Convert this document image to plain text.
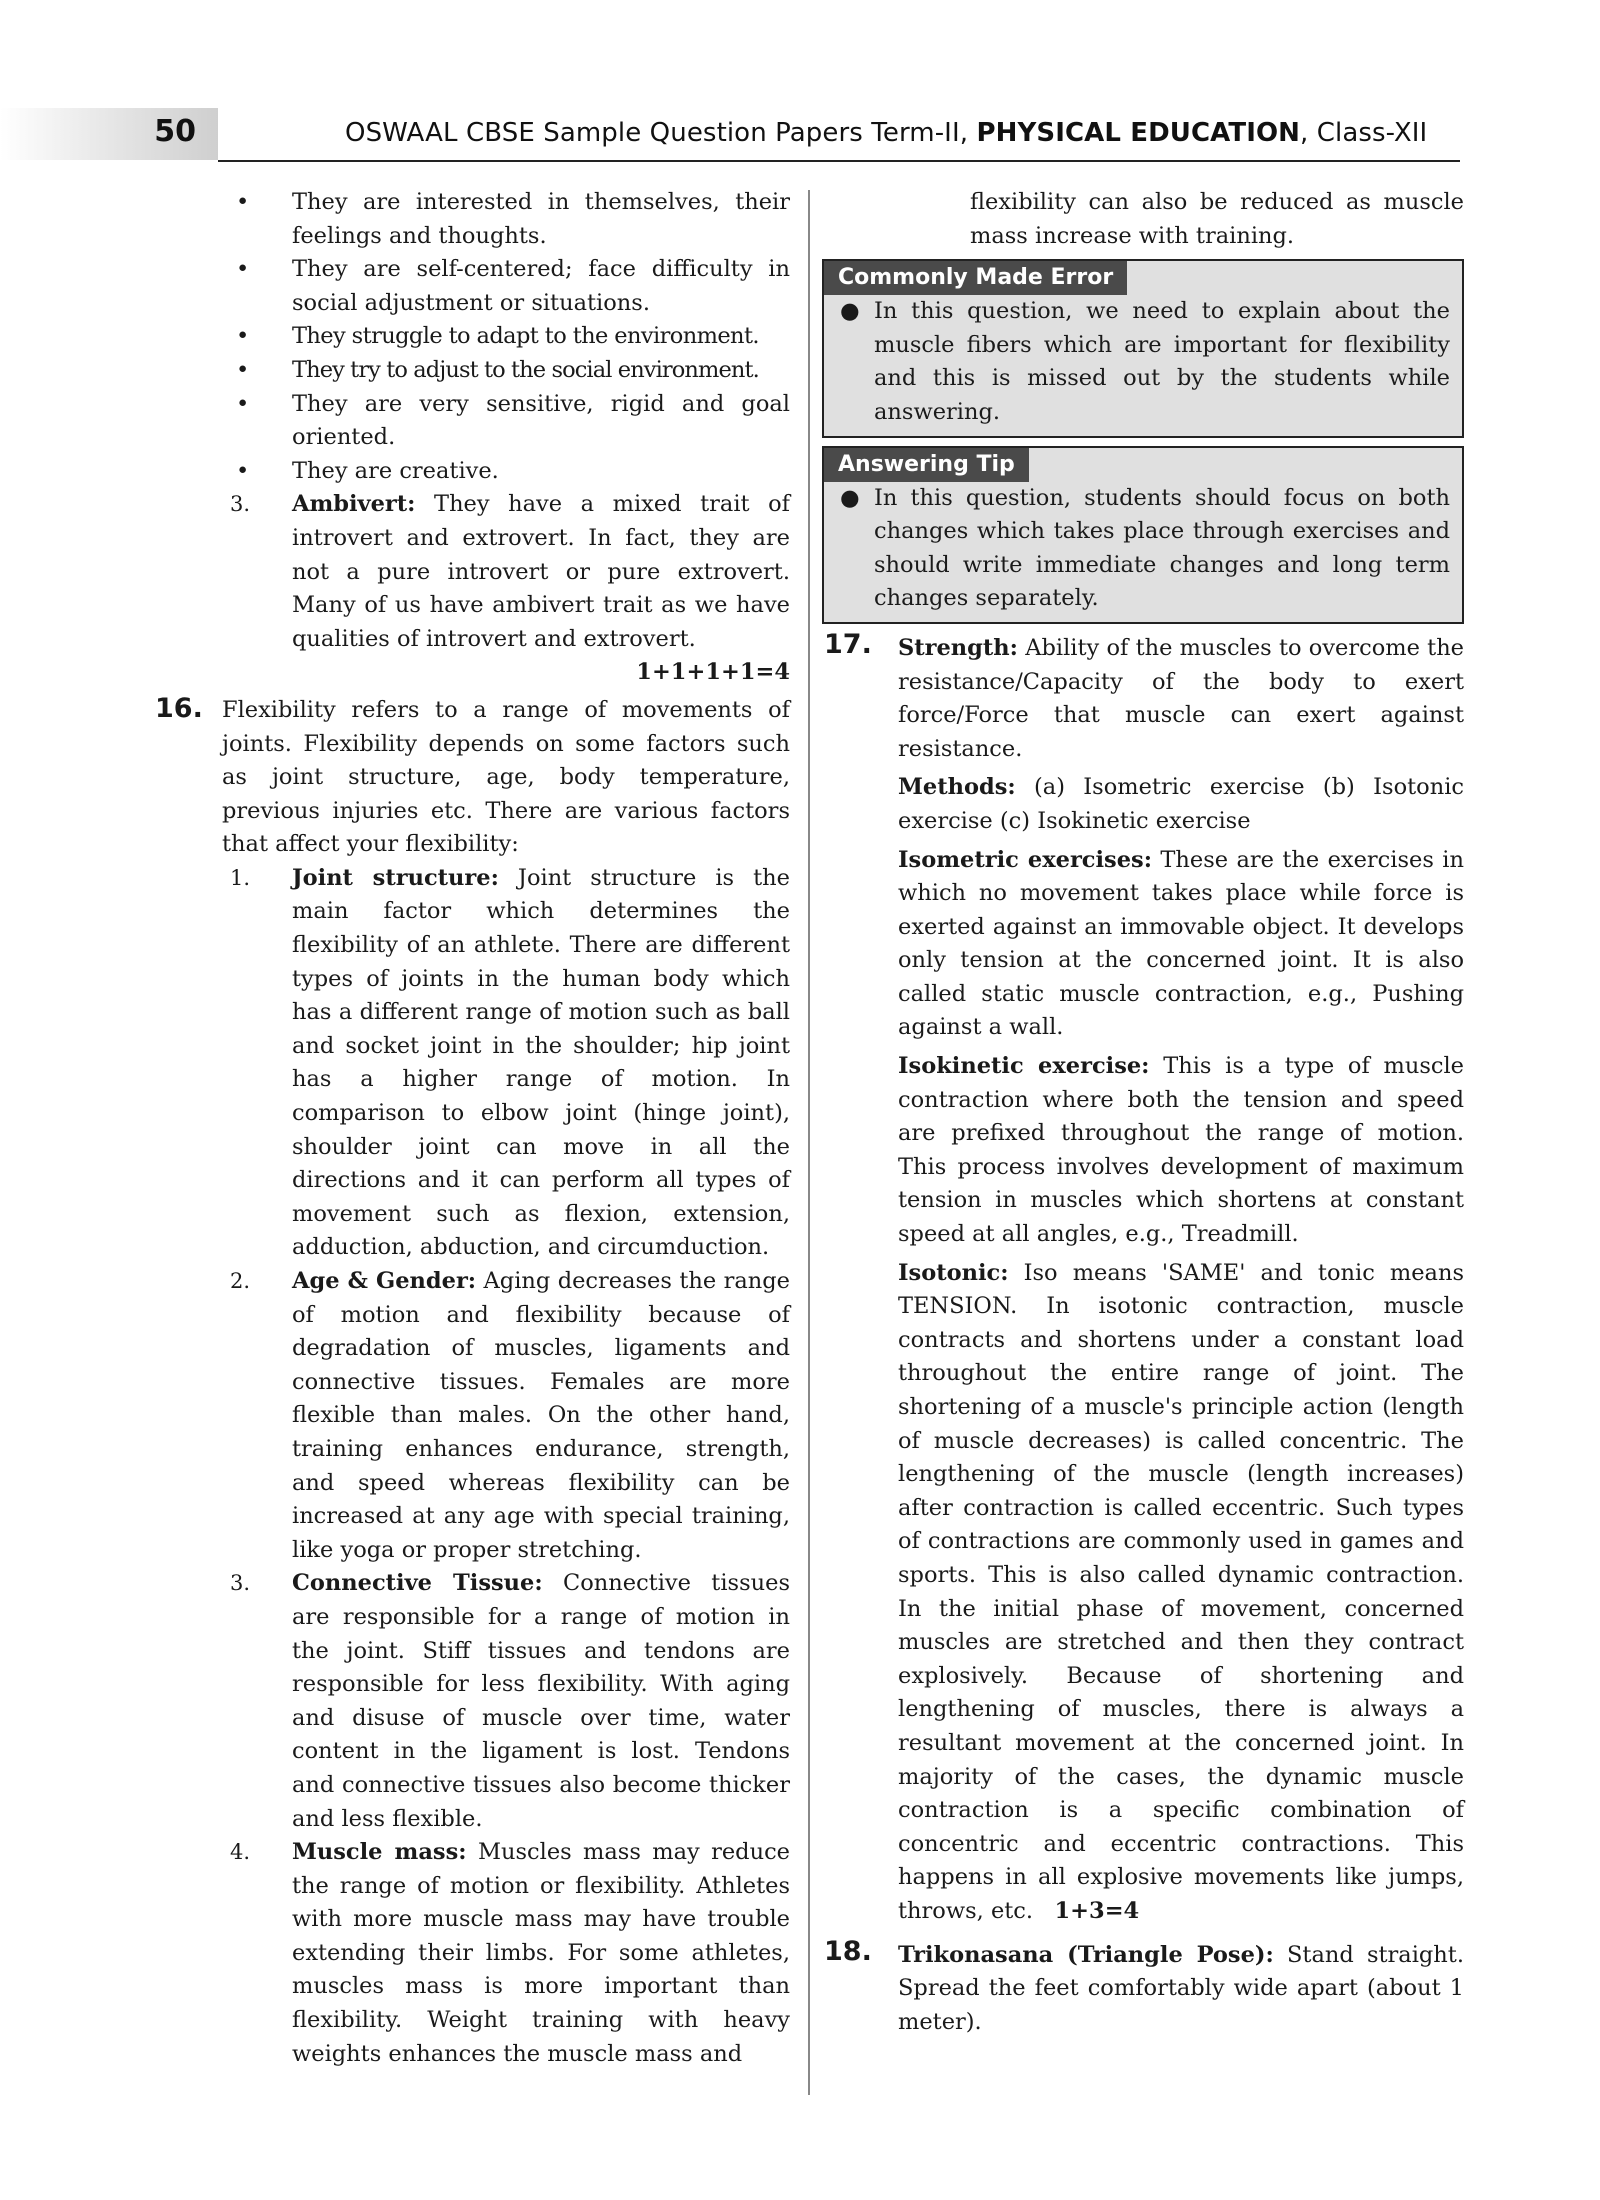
50	OSWAAL CBSE Sample Question Papers Term-II, PHYSICAL EDUCATION, Class-XII

• They are interested in themselves, their feelings and thoughts.

• They are self-centered; face difficulty in social adjustment or situations.

• They struggle to adapt to the environment.

• They try to adjust to the social environment.

• They are very sensitive, rigid and goal oriented.

• They are creative.

3. Ambivert: They have a mixed trait of introvert and extrovert. In fact, they are not a pure introvert or pure extrovert. Many of us have ambivert trait as we have qualities of introvert and extrovert.

1+1+1+1=4

16. Flexibility refers to a range of movements of joints. Flexibility depends on some factors such as joint structure, age, body temperature, previous injuries etc. There are various factors that affect your flexibility:

1. Joint structure: Joint structure is the main factor which determines the flexibility of an athlete. There are different types of joints in the human body which has a different range of motion such as ball and socket joint in the shoulder; hip joint has a higher range of motion. In comparison to elbow joint (hinge joint), shoulder joint can move in all the directions and it can perform all types of movement such as flexion, extension, adduction, abduction, and circumduction.

2. Age & Gender: Aging decreases the range of motion and flexibility because of degradation of muscles, ligaments and connective tissues. Females are more flexible than males. On the other hand, training enhances endurance, strength, and speed whereas flexibility can be increased at any age with special training, like yoga or proper stretching.

3. Connective Tissue: Connective tissues are responsible for a range of motion in the joint. Stiff tissues and tendons are responsible for less flexibility. With aging and disuse of muscle over time, water content in the ligament is lost. Tendons and connective tissues also become thicker and less flexible.

4. Muscle mass: Muscles mass may reduce the range of motion or flexibility. Athletes with more muscle mass may have trouble extending their limbs. For some athletes, muscles mass is more important than flexibility. Weight training with heavy weights enhances the muscle mass and

flexibility can also be reduced as muscle mass increase with training.

Commonly Made Error

● In this question, we need to explain about the muscle fibers which are important for flexibility and this is missed out by the students while answering.

Answering Tip

● In this question, students should focus on both changes which takes place through exercises and should write immediate changes and long term changes separately.

17. Strength: Ability of the muscles to overcome the resistance/Capacity of the body to exert force/Force that muscle can exert against resistance.

Methods: (a) Isometric exercise (b) Isotonic exercise (c) Isokinetic exercise

Isometric exercises: These are the exercises in which no movement takes place while force is exerted against an immovable object. It develops only tension at the concerned joint. It is also called static muscle contraction, e.g., Pushing against a wall.

Isokinetic exercise: This is a type of muscle contraction where both the tension and speed are prefixed throughout the range of motion. This process involves development of maximum tension in muscles which shortens at constant speed at all angles, e.g., Treadmill.

Isotonic: Iso means 'SAME' and tonic means TENSION. In isotonic contraction, muscle contracts and shortens under a constant load throughout the entire range of joint. The shortening of a muscle's principle action (length of muscle decreases) is called concentric. The lengthening of the muscle (length increases) after contraction is called eccentric. Such types of contractions are commonly used in games and sports. This is also called dynamic contraction. In the initial phase of movement, concerned muscles are stretched and then they contract explosively. Because of shortening and lengthening of muscles, there is always a resultant movement at the concerned joint. In majority of the cases, the dynamic muscle contraction is a specific combination of concentric and eccentric contractions. This happens in all explosive movements like jumps, throws, etc. 1+3=4

18. Trikonasana (Triangle Pose): Stand straight. Spread the feet comfortably wide apart (about 1 meter).
